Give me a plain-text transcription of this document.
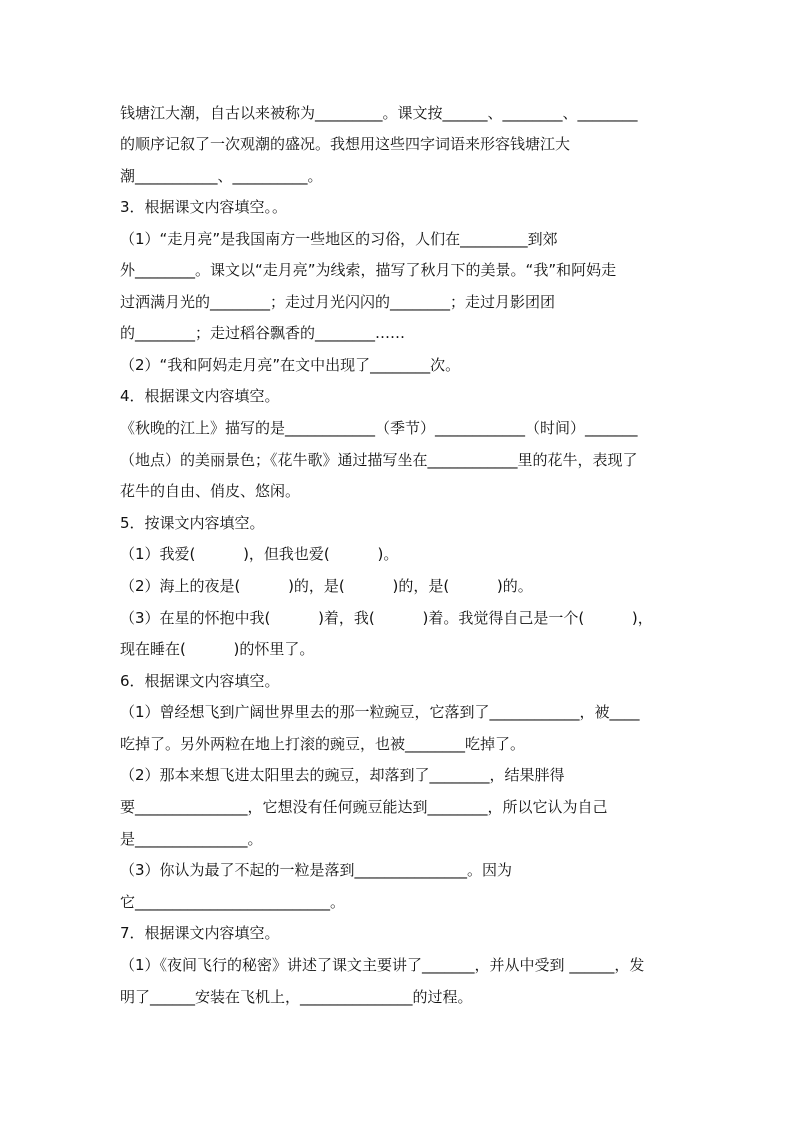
钱塘江大潮，自古以来被称为_________。课文按______、________、________
的顺序记叙了一次观潮的盛况。我想用这些四字词语来形容钱塘江大
潮___________、__________。
3．根据课文内容填空。。
（1）“走月亮”是我国南方一些地区的习俗，人们在_________到郊
外________。课文以“走月亮”为线索，描写了秋月下的美景。“我”和阿妈走
过洒满月光的________；走过月光闪闪的________；走过月影团团
的________；走过稻谷飘香的________……
（2）“我和阿妈走月亮”在文中出现了________次。
4．根据课文内容填空。
《秋晚的江上》描写的是____________（季节）____________（时间）_______
（地点）的美丽景色；《花牛歌》通过描写坐在____________里的花牛，表现了
花牛的自由、俏皮、悠闲。
5．按课文内容填空。
（1）我爱(          )，但我也爱(          )。
（2）海上的夜是(          )的，是(          )的，是(          )的。
（3）在星的怀抱中我(          )着，我(          )着。我觉得自己是一个(          )，
现在睡在(          )的怀里了。
6．根据课文内容填空。
（1）曾经想飞到广阔世界里去的那一粒豌豆，它落到了____________，被____
吃掉了。另外两粒在地上打滚的豌豆，也被________吃掉了。
（2）那本来想飞进太阳里去的豌豆，却落到了________，结果胖得
要_______________，它想没有任何豌豆能达到________，所以它认为自己
是_______________。
（3）你认为最了不起的一粒是落到_______________。因为
它__________________________。
7．根据课文内容填空。
（1）《夜间飞行的秘密》讲述了课文主要讲了_______，并从中受到 ______，发
明了______安装在飞机上，_______________的过程。
